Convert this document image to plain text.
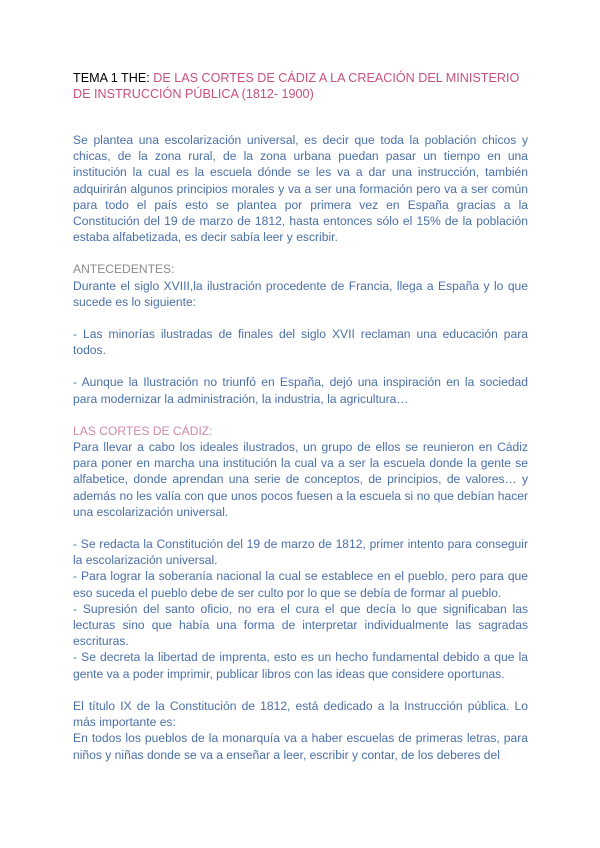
TEMA 1 THE: DE LAS CORTES DE CÁDIZ A LA CREACIÓN DEL MINISTERIO DE INSTRUCCIÓN PÚBLICA (1812- 1900)

Se plantea una escolarización universal, es decir que toda la población chicos y chicas, de la zona rural, de la zona urbana puedan pasar un tiempo en una institución la cual es la escuela dónde se les va a dar una instrucción, también adquirirán algunos principios morales y va a ser una formación pero va a ser común para todo el país esto se plantea por primera vez en España gracias a la Constitución del 19 de marzo de 1812, hasta entonces sólo el 15% de la población estaba alfabetizada, es decir sabía leer y escribir.

ANTECEDENTES:

Durante el siglo XVIII,la ilustración procedente de Francia, llega a España y lo que sucede es lo siguiente:

- Las minorías ilustradas de finales del siglo XVII reclaman una educación para todos.

- Aunque la Ilustración no triunfó en España, dejó una inspiración en la sociedad para modernizar la administración, la industria, la agricultura…

LAS CORTES DE CÁDIZ:

Para llevar a cabo los ideales ilustrados, un grupo de ellos se reunieron en Cádiz para poner en marcha una institución la cual va a ser la escuela donde la gente se alfabetice, donde aprendan una serie de conceptos, de principios, de valores… y además no les valía con que unos pocos fuesen a la escuela si no que debían hacer una escolarización universal.

- Se redacta la Constitución del 19 de marzo de 1812, primer intento para conseguir la escolarización universal.

- Para lograr la soberanía nacional la cual se establece en el pueblo, pero para que eso suceda el pueblo debe de ser culto por lo que se debía de formar al pueblo.

- Supresión del santo oficio, no era el cura el que decía lo que significaban las lecturas sino que había una forma de interpretar individualmente las sagradas escrituras.

- Se decreta la libertad de imprenta, esto es un hecho fundamental debido a que la gente va a poder imprimir, publicar libros con las ideas que considere oportunas.

El título IX de la Constitución de 1812, está dedicado a la Instrucción pública. Lo más importante es:

En todos los pueblos de la monarquía va a haber escuelas de primeras letras, para niños y niñas donde se va a enseñar a leer, escribir y contar, de los deberes del
